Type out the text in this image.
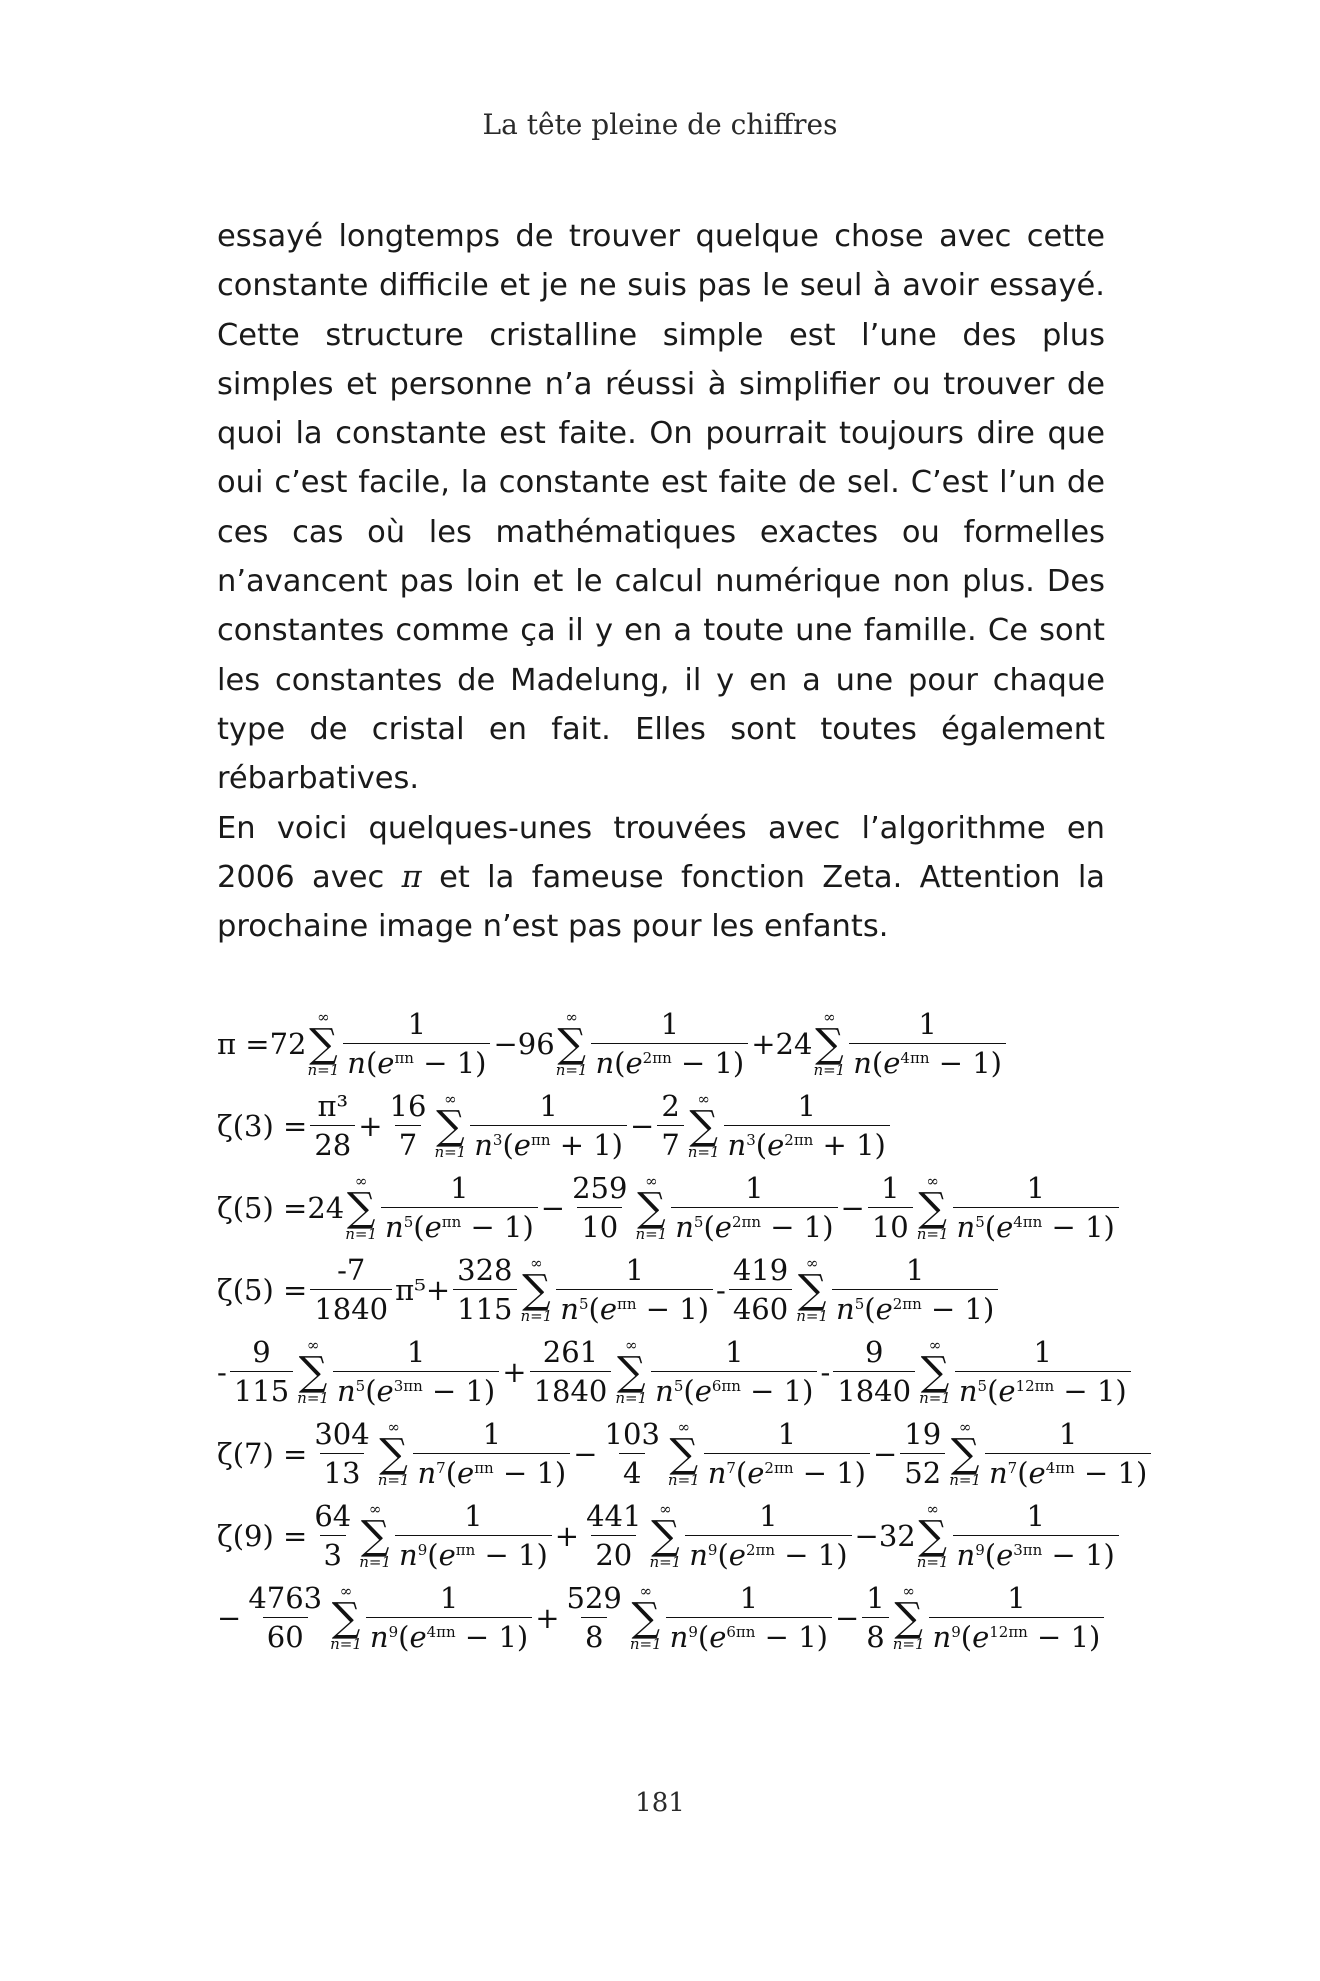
La tête pleine de chiffres

essayé longtemps de trouver quelque chose avec cette constante difficile et je ne suis pas le seul à avoir essayé. Cette structure cristalline simple est l’une des plus simples et personne n’a réussi à simplifier ou trouver de quoi la constante est faite. On pourrait toujours dire que oui c’est facile, la constante est faite de sel. C’est l’un de ces cas où les mathématiques exactes ou formelles n’avancent pas loin et le calcul numérique non plus. Des constantes comme ça il y en a toute une famille. Ce sont les constantes de Madelung, il y en a une pour chaque type de cristal en fait. Elles sont toutes également rébarbatives.

En voici quelques-unes trouvées avec l’algorithme en 2006 avec π et la fameuse fonction Zeta. Attention la prochaine image n’est pas pour les enfants.

π = 72
∞
∑
$n=1 \frac{1}{n(e^{\pi n} - 1)} - 96$
∞
∑
$n=1 \frac{1}{n(e^{2\pi n} - 1)} + 24$
∞
∑
$n=1 \frac{1}{n(e^{4\pi n} - 1)}$
$\zeta(3) = \frac{\text{π³}}{28} + \frac{16}{7}$ ∞
∑
$n=1 \frac{1}{n^3(e^{\pi n} + 1)} - \frac{2}{7}$ ∞
∑
$n=1 \frac{1}{n^3(e^{2\pi n} + 1)}$
ζ(5) = 24
∞
∑
$n=1 \frac{1}{n^5(e^{\pi n} - 1)} - \frac{259}{10}$ ∞
∑
$n=1 \frac{1}{n^5(e^{2\pi n} - 1)} - \frac{1}{10}$ ∞
∑
$n=1 \frac{1}{n^5(e^{4\pi n} - 1)}$
$\zeta(5) = \frac{-7}{1840} \pi^5 + \frac{328}{115}$ ∞
∑
$n=1 \frac{1}{n^5(e^{\pi n} - 1)} - \frac{419}{460}$ ∞
∑
$n=1 \frac{1}{n^5(e^{2\pi n} - 1)}$
- $\frac{9}{115}$ ∞
∑
$n=1 \frac{1}{n^5(e^{3\pi n} - 1)} + \frac{261}{1840}$ ∞
∑
$n=1 \frac{1}{n^5(e^{6\pi n} - 1)} - \frac{9}{1840}$ ∞
∑
$n=1 \frac{1}{n^5(e^{12\pi n} - 1)}$
$\zeta(7) = \frac{304}{13}$ ∞
∑
$n=1 \frac{1}{n^7(e^{\pi n} - 1)} - \frac{103}{4}$ ∞
∑
$n=1 \frac{1}{n^7(e^{2\pi n} - 1)} - \frac{19}{52}$ ∞
∑
$n=1 \frac{1}{n^7(e^{4\pi n} - 1)}$
$\zeta(9) = \frac{64}{3}$ ∞
∑
$n=1 \frac{1}{n^9(e^{\pi n} - 1)} + \frac{441}{20}$ ∞
∑
$n=1 \frac{1}{n^9(e^{2\pi n} - 1)} - 32$
∞
∑
$n=1 \frac{1}{n^9(e^{3\pi n} - 1)}$
− $\frac{4763}{60}$ ∞
∑
$n=1 \frac{1}{n^9(e^{4\pi n} - 1)} + \frac{529}{8}$ ∞
∑
$n=1 \frac{1}{n^9(e^{6\pi n} - 1)} - \frac{1}{8}$ ∞
∑
$n=1 \frac{1}{n^9(e^{12\pi n} - 1)}$
181
